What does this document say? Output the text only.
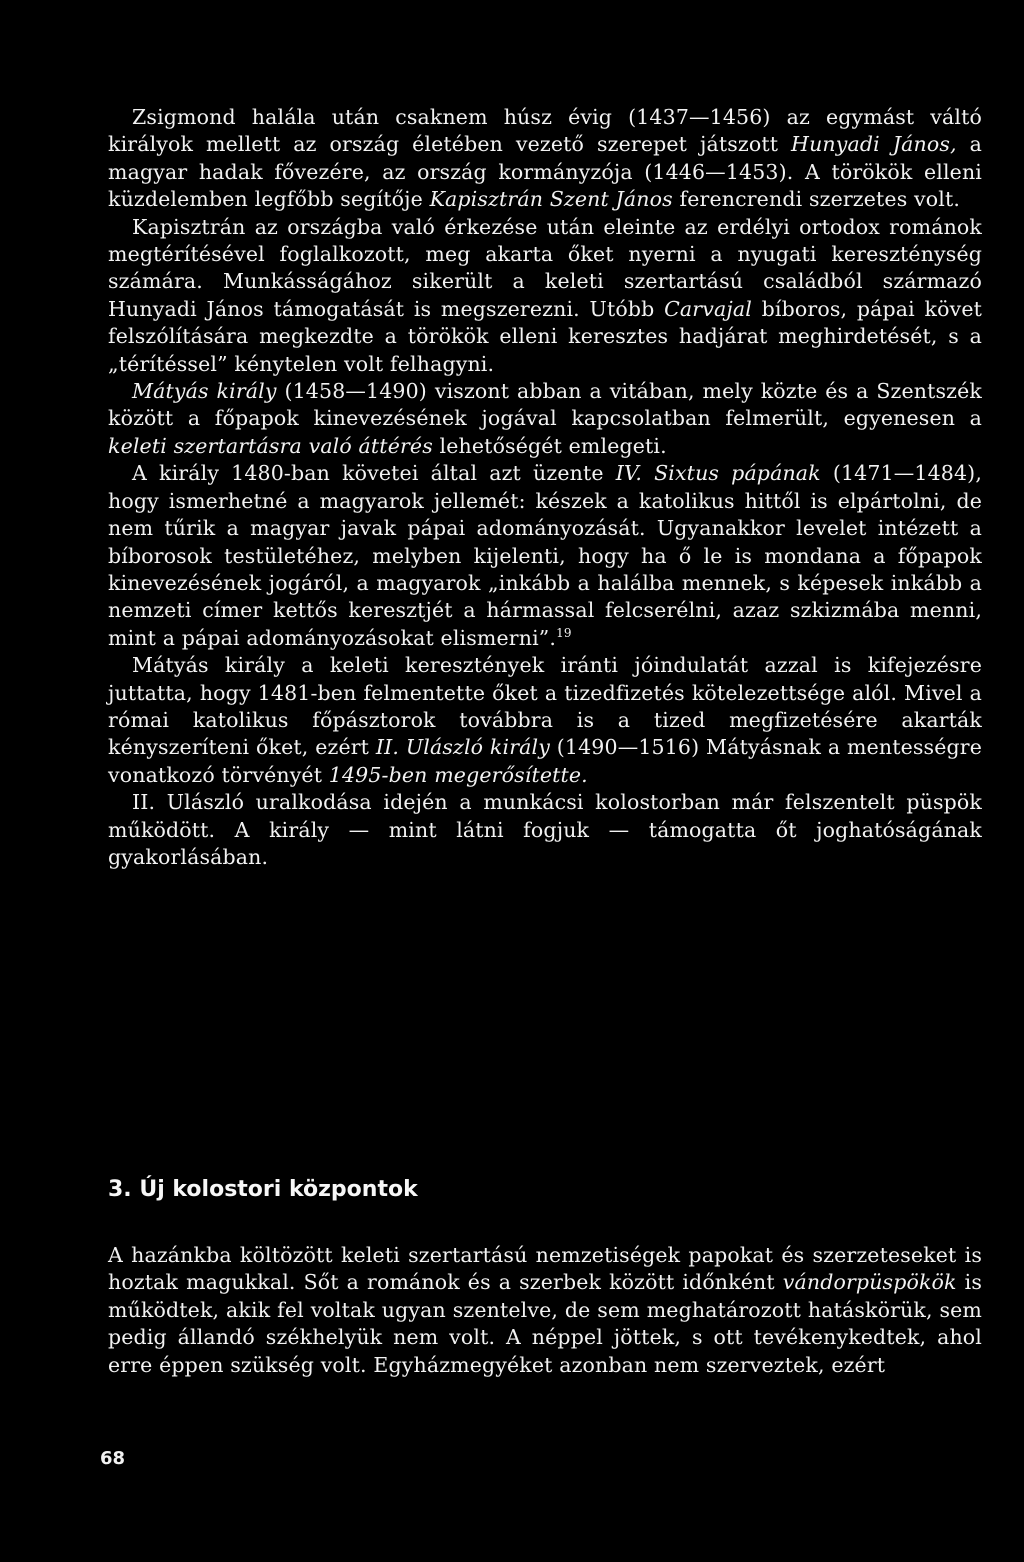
Zsigmond halála után csaknem húsz évig (1437—1456) az egymást váltó királyok mellett az ország életében vezető szerepet játszott Hunyadi János, a magyar hadak fővezére, az ország kormányzója (1446—1453). A törökök elleni küzdelemben legfőbb segítője Kapisztrán Szent János ferencrendi szerzetes volt.

Kapisztrán az országba való érkezése után eleinte az erdélyi ortodox románok megtérítésével foglalkozott, meg akarta őket nyerni a nyugati kereszténység számára. Munkásságához sikerült a keleti szertartású családból származó Hunyadi János támogatását is megszerezni. Utóbb Carvajal bíboros, pápai követ felszólítására megkezdte a törökök elleni keresztes hadjárat meghirdetését, s a „térítéssel” kénytelen volt felhagyni.

Mátyás király (1458—1490) viszont abban a vitában, mely közte és a Szentszék között a főpapok kinevezésének jogával kapcsolatban felmerült, egyenesen a keleti szertartásra való áttérés lehetőségét emlegeti.

A király 1480-ban követei által azt üzente IV. Sixtus pápának (1471—1484), hogy ismerhetné a magyarok jellemét: készek a katolikus hittől is elpártolni, de nem tűrik a magyar javak pápai adományozását. Ugyanakkor levelet intézett a bíborosok testületéhez, melyben kijelenti, hogy ha ő le is mondana a főpapok kinevezésének jogáról, a magyarok „inkább a halálba mennek, s képesek inkább a nemzeti címer kettős keresztjét a hármassal felcserélni, azaz szkizmába menni, mint a pápai adományozásokat elismerni”.$^{19}$

Mátyás király a keleti keresztények iránti jóindulatát azzal is kifejezésre juttatta, hogy 1481-ben felmentette őket a tizedfizetés kötelezettsége alól. Mivel a római katolikus főpásztorok továbbra is a tized megfizetésére akarták kényszeríteni őket, ezért II. Ulászló király (1490—1516) Mátyásnak a mentességre vonatkozó törvényét 1495-ben megerősítette.

II. Ulászló uralkodása idején a munkácsi kolostorban már felszentelt püspök működött. A király — mint látni fogjuk — támogatta őt joghatóságának gyakorlásában.

3. Új kolostori központok

A hazánkba költözött keleti szertartású nemzetiségek papokat és szerzeteseket is hoztak magukkal. Sőt a románok és a szerbek között időnként vándorpüspökök is működtek, akik fel voltak ugyan szentelve, de sem meghatározott hatáskörük, sem pedig állandó székhelyük nem volt. A néppel jöttek, s ott tevékenykedtek, ahol erre éppen szükség volt. Egyházmegyéket azonban nem szerveztek, ezért

68
